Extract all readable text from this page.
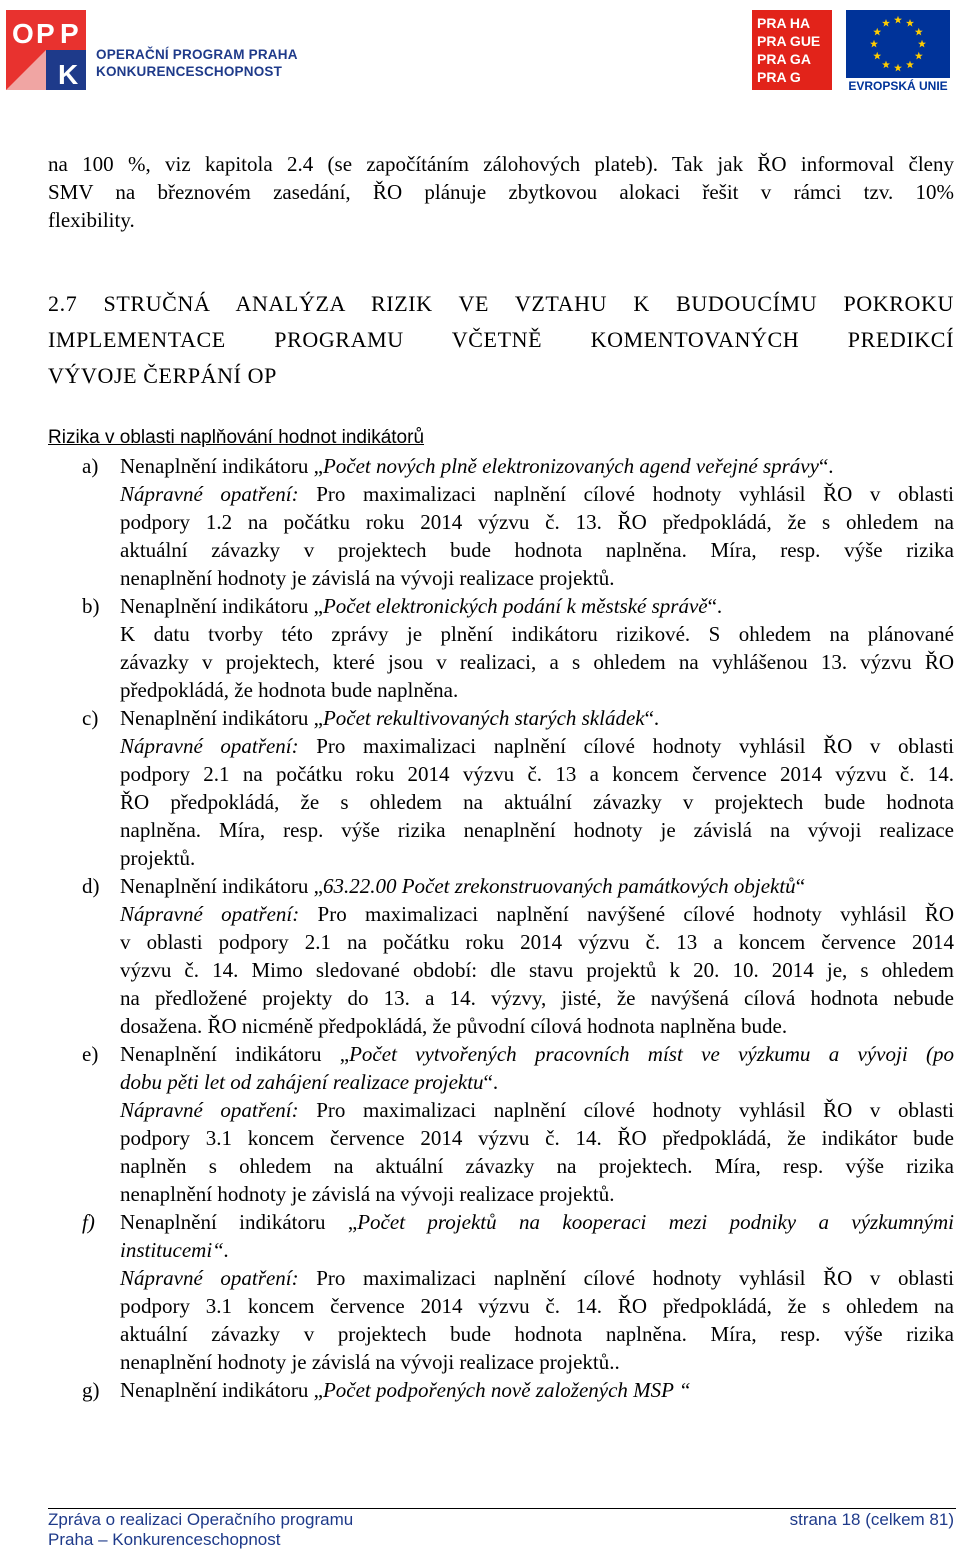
O P P
K
OPERAČNÍ PROGRAM PRAHA
KONKURENCESCHOPNOST
PRA HA
PRA GUE
PRA GA
PRA G
EVROPSKÁ UNIE
na 100 %, viz kapitola 2.4 (se započítáním zálohových plateb). Tak jak ŘO informoval členy
SMV na březnovém zasedání, ŘO plánuje zbytkovou alokaci řešit v rámci tzv. 10%
flexibility.
2.7 STRUČNÁ ANALÝZA RIZIK VE VZTAHU K BUDOUCÍMU POKROKU
IMPLEMENTACE PROGRAMU VČETNĚ KOMENTOVANÝCH PREDIKCÍ
VÝVOJE ČERPÁNÍ OP
Rizika v oblasti naplňování hodnot indikátorů
a) Nenaplnění indikátoru „Počet nových plně elektronizovaných agend veřejné správy“.
Nápravné opatření: Pro maximalizaci naplnění cílové hodnoty vyhlásil ŘO v oblasti
podpory 1.2 na počátku roku 2014 výzvu č. 13. ŘO předpokládá, že s ohledem na
aktuální závazky v projektech bude hodnota naplněna. Míra, resp. výše rizika
nenaplnění hodnoty je závislá na vývoji realizace projektů.
b) Nenaplnění indikátoru „Počet elektronických podání k městské správě“.
K datu tvorby této zprávy je plnění indikátoru rizikové. S ohledem na plánované
závazky v projektech, které jsou v realizaci, a s ohledem na vyhlášenou 13. výzvu ŘO
předpokládá, že hodnota bude naplněna.
c) Nenaplnění indikátoru „Počet rekultivovaných starých skládek“.
Nápravné opatření: Pro maximalizaci naplnění cílové hodnoty vyhlásil ŘO v oblasti
podpory 2.1 na počátku roku 2014 výzvu č. 13 a koncem července 2014 výzvu č. 14.
ŘO předpokládá, že s ohledem na aktuální závazky v projektech bude hodnota
naplněna. Míra, resp. výše rizika nenaplnění hodnoty je závislá na vývoji realizace
projektů.
d) Nenaplnění indikátoru „63.22.00 Počet zrekonstruovaných památkových objektů“
Nápravné opatření: Pro maximalizaci naplnění navýšené cílové hodnoty vyhlásil ŘO
v oblasti podpory 2.1 na počátku roku 2014 výzvu č. 13 a koncem července 2014
výzvu č. 14. Mimo sledované období: dle stavu projektů k 20. 10. 2014 je, s ohledem
na předložené projekty do 13. a 14. výzvy, jisté, že navýšená cílová hodnota nebude
dosažena. ŘO nicméně předpokládá, že původní cílová hodnota naplněna bude.
e) Nenaplnění indikátoru „Počet vytvořených pracovních míst ve výzkumu a vývoji (po
dobu pěti let od zahájení realizace projektu“.
Nápravné opatření: Pro maximalizaci naplnění cílové hodnoty vyhlásil ŘO v oblasti
podpory 3.1 koncem července 2014 výzvu č. 14. ŘO předpokládá, že indikátor bude
naplněn s ohledem na aktuální závazky na projektech. Míra, resp. výše rizika
nenaplnění hodnoty je závislá na vývoji realizace projektů.
f) Nenaplnění indikátoru „Počet projektů na kooperaci mezi podniky a výzkumnými
institucemi“.
Nápravné opatření: Pro maximalizaci naplnění cílové hodnoty vyhlásil ŘO v oblasti
podpory 3.1 koncem července 2014 výzvu č. 14. ŘO předpokládá, že s ohledem na
aktuální závazky v projektech bude hodnota naplněna. Míra, resp. výše rizika
nenaplnění hodnoty je závislá na vývoji realizace projektů..
g) Nenaplnění indikátoru „Počet podpořených nově založených MSP “
Zpráva o realizaci Operačního programu
Praha – Konkurenceschopnost
strana 18 (celkem 81)
